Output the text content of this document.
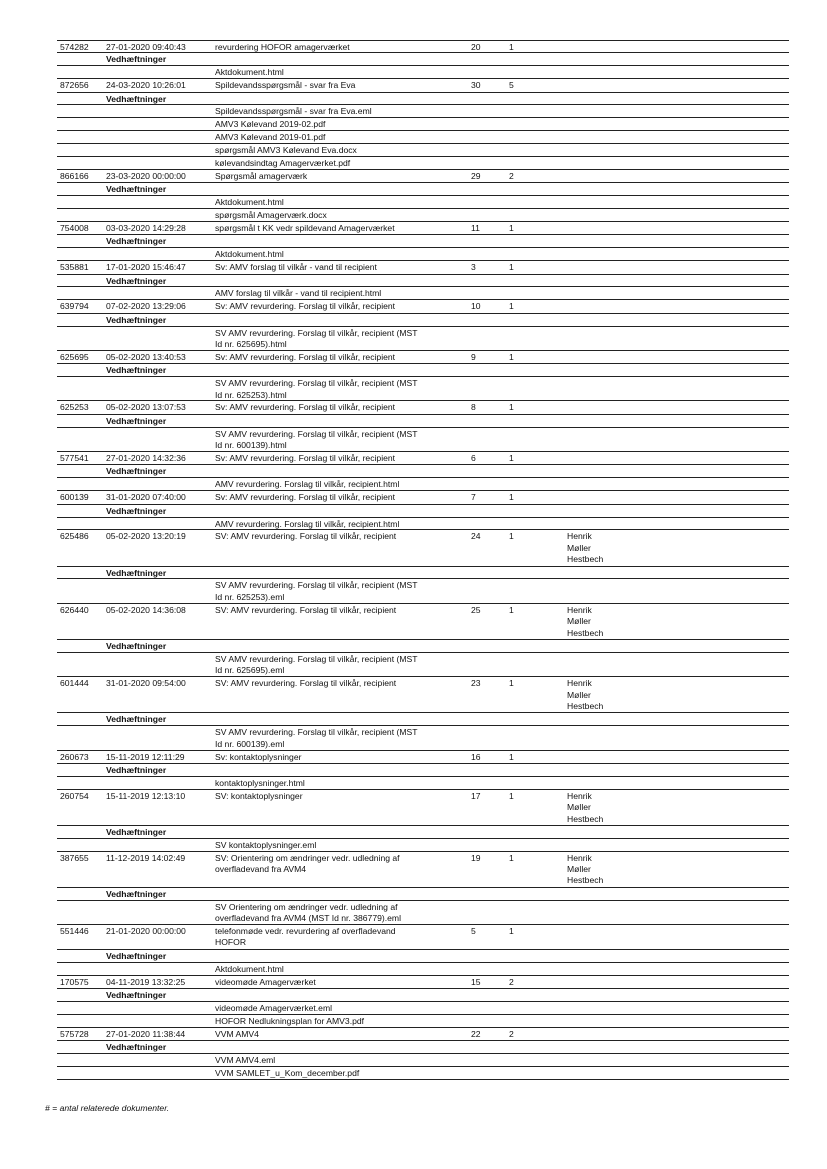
574282 27-01-2020 09:40:43	revurdering HOFOR amagerværket	20	1
Vedhæftninger
Aktdokument.html
872656 24-03-2020 10:26:01	Spildevandsspørgsmål - svar fra Eva	30	5
Vedhæftninger
Spildevandsspørgsmål - svar fra Eva.eml
AMV3 Kølevand 2019-02.pdf
AMV3 Kølevand 2019-01.pdf
spørgsmål AMV3 Kølevand Eva.docx
kølevandsindtag Amagerværket.pdf
866166 23-03-2020 00:00:00	Spørgsmål amagerværk	29	2
Vedhæftninger
Aktdokument.html
spørgsmål Amagerværk.docx
754008 03-03-2020 14:29:28	spørgsmål t KK vedr spildevand Amagerværket	11	1
Vedhæftninger
Aktdokument.html
535881 17-01-2020 15:46:47	Sv: AMV forslag til vilkår - vand til recipient	3	1
Vedhæftninger
AMV forslag til vilkår - vand til recipient.html
639794 07-02-2020 13:29:06	Sv: AMV revurdering. Forslag til vilkår, recipient	10	1
Vedhæftninger
SV AMV revurdering. Forslag til vilkår, recipient (MST
Id nr. 625695).html
625695 05-02-2020 13:40:53	Sv: AMV revurdering. Forslag til vilkår, recipient	9	1
Vedhæftninger
SV AMV revurdering. Forslag til vilkår, recipient (MST
Id nr. 625253).html
625253 05-02-2020 13:07:53	Sv: AMV revurdering. Forslag til vilkår, recipient	8	1
Vedhæftninger
SV AMV revurdering. Forslag til vilkår, recipient (MST
Id nr. 600139).html
577541 27-01-2020 14:32:36	Sv: AMV revurdering. Forslag til vilkår, recipient	6	1
Vedhæftninger
AMV revurdering. Forslag til vilkår, recipient.html
600139 31-01-2020 07:40:00	Sv: AMV revurdering. Forslag til vilkår, recipient	7	1
Vedhæftninger
AMV revurdering. Forslag til vilkår, recipient.html
625486 05-02-2020 13:20:19	SV: AMV revurdering. Forslag til vilkår, recipient	24	1	Henrik
Møller
Hestbech
Vedhæftninger
SV AMV revurdering. Forslag til vilkår, recipient (MST
Id nr. 625253).eml
626440 05-02-2020 14:36:08	SV: AMV revurdering. Forslag til vilkår, recipient	25	1	Henrik
Møller
Hestbech
Vedhæftninger
SV AMV revurdering. Forslag til vilkår, recipient (MST
Id nr. 625695).eml
601444 31-01-2020 09:54:00	SV: AMV revurdering. Forslag til vilkår, recipient	23	1	Henrik
Møller
Hestbech
Vedhæftninger
SV AMV revurdering. Forslag til vilkår, recipient (MST
Id nr. 600139).eml
260673 15-11-2019 12:11:29	Sv: kontaktoplysninger	16	1
Vedhæftninger
kontaktoplysninger.html
260754 15-11-2019 12:13:10	SV: kontaktoplysninger	17	1	Henrik
Møller
Hestbech
Vedhæftninger
SV kontaktoplysninger.eml
387655 11-12-2019 14:02:49	SV: Orientering om ændringer vedr. udledning af
overfladevand fra AVM4
19	1	Henrik
Møller
Hestbech
Vedhæftninger
SV Orientering om ændringer vedr. udledning af
overfladevand fra AVM4 (MST Id nr. 386779).eml
551446 21-01-2020 00:00:00	telefonmøde vedr. revurdering af overfladevand
HOFOR
5	1
Vedhæftninger
Aktdokument.html
170575 04-11-2019 13:32:25	videomøde Amagerværket	15	2
Vedhæftninger
videomøde Amagerværket.eml
HOFOR Nedlukningsplan for AMV3.pdf
575728 27-01-2020 11:38:44	VVM AMV4	22	2
Vedhæftninger
VVM AMV4.eml
VVM SAMLET_u_Kom_december.pdf
# = antal relaterede dokumenter.
